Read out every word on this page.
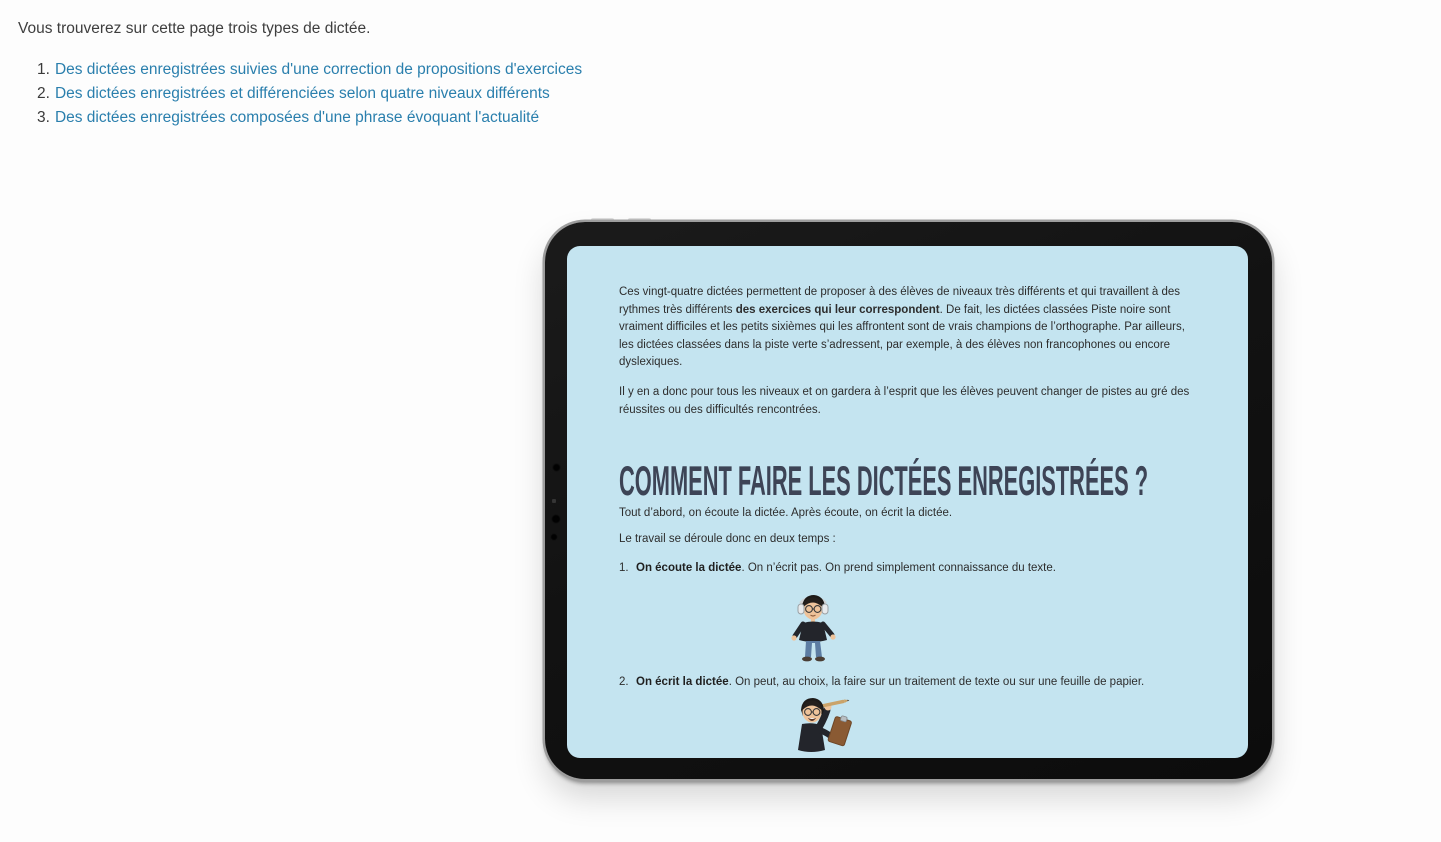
Vous trouverez sur cette page trois types de dictée.

1. Des dictées enregistrées suivies d'une correction de propositions d'exercices
2. Des dictées enregistrées et différenciées selon quatre niveaux différents
3. Des dictées enregistrées composées d'une phrase évoquant l'actualité

Ces vingt-quatre dictées permettent de proposer à des élèves de niveaux très différents et qui travaillent à des rythmes très différents des exercices qui leur correspondent. De fait, les dictées classées Piste noire sont vraiment difficiles et les petits sixièmes qui les affrontent sont de vrais champions de l’orthographe. Par ailleurs, les dictées classées dans la piste verte s’adressent, par exemple, à des élèves non francophones ou encore dyslexiques.

Il y en a donc pour tous les niveaux et on gardera à l’esprit que les élèves peuvent changer de pistes au gré des réussites ou des difficultés rencontrées.

COMMENT FAIRE LES DICTÉES ENREGISTRÉES ?

Tout d’abord, on écoute la dictée. Après écoute, on écrit la dictée.

Le travail se déroule donc en deux temps :

1. On écoute la dictée. On n’écrit pas. On prend simplement connaissance du texte.
2. On écrit la dictée. On peut, au choix, la faire sur un traitement de texte ou sur une feuille de papier.
